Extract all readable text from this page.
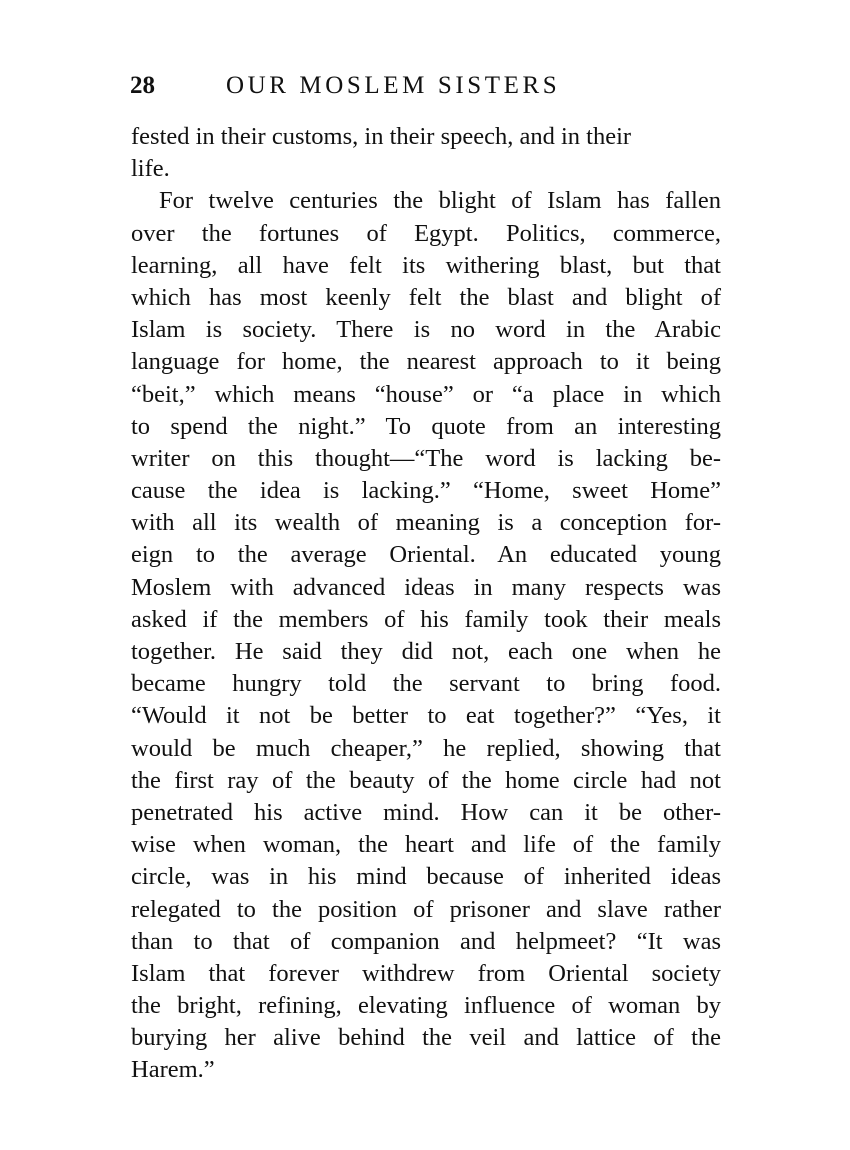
28	OUR MOSLEM SISTERS
fested in their customs, in their speech, and in their
life.
For twelve centuries the blight of Islam has fallen
over the fortunes of Egypt. Politics, commerce,
learning, all have felt its withering blast, but that
which has most keenly felt the blast and blight of
Islam is society. There is no word in the Arabic
language for home, the nearest approach to it being
“beit,” which means “house” or “a place in which
to spend the night.” To quote from an interesting
writer on this thought—“The word is lacking be-
cause the idea is lacking.” “Home, sweet Home”
with all its wealth of meaning is a conception for-
eign to the average Oriental. An educated young
Moslem with advanced ideas in many respects was
asked if the members of his family took their meals
together. He said they did not, each one when he
became hungry told the servant to bring food.
“Would it not be better to eat together?” “Yes, it
would be much cheaper,” he replied, showing that
the first ray of the beauty of the home circle had not
penetrated his active mind. How can it be other-
wise when woman, the heart and life of the family
circle, was in his mind because of inherited ideas
relegated to the position of prisoner and slave rather
than to that of companion and helpmeet? “It was
Islam that forever withdrew from Oriental society
the bright, refining, elevating influence of woman by
burying her alive behind the veil and lattice of the
Harem.”
